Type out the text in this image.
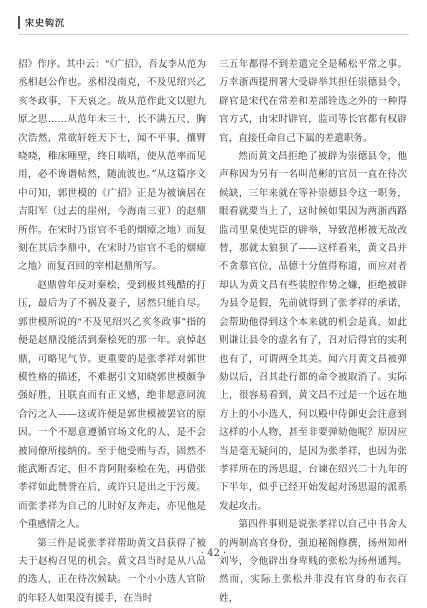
宋史钩沉

招》作序。其中云：“《广招》，吾友李从范为丞相赵公作也。丞相没南克，不及见绍兴乙亥冬政事，下天哀之。故从范作此文以慰九原之思……从范年未三十，长不满五尺，胸次浩然，常欲轩轾天下士，闻不平事，攘臂哓哓，稚床唾壁，终日啮唔，使从范率而见用，必不谗谮帖然，随流波也。”从这篇序文中可知，郭世模的《广招》正是为被谪居在吉阳军（过去的崖州，今海南三亚）的赵鼎所作。在宋时乃宦官不毛的烟瘴之地）而复刻在其后李鼎中，在宋时乃宦官不毛的烟瘴之地）而复召回的宰相赵鼎所写。

赵鼎曾年反对秦桧，受到极其残酷的打压，最后为了不祸及妻子，居然只能自尽。郭世模所说的“不及见绍兴乙亥冬政事”指的便是赵鼎没能活到秦桧死的那一年。哀悼赵鼎，可略见气节。更重要的是张孝祥对郭世模性格的描述，不难据引文知晓郭世模颇争强好胜，且联直而有正义感，绝非愿意同流合污之人——这或许便是郭世模被罢官的原因。一个不愿意遵循官场文化的人，是不会被同僚所接纳的。至于他受贿与否，固然不能武断否定，但不肯阿附秦桧在先，再借张孝祥如此赞誉在后，或许只是出之于污蔑。而张孝祥为自己的儿时好友奔走，亦见他是个重感情之人。

第三件是说张孝祥帮助黄文昌获得了被夫于赵构召见的机会。黄文昌当时是从八品的选人，正在待次候缺。一个小小选人官阶的年轻人如果没有援手，在当时

三五年都得不到差遣完全是稀松平常之事。万幸浙西提刑署大受辟举其担任崇德县令，辟官是宋代在常差和差部铨选之外的一种得官方式，由宋时辟官，监司等长官都有权辟官，直接任命自己下属的差遣职务。

然而黄文昌拒绝了被辟为崇德县令，他声称因为另有一名叫范彬的官员一直在待次候缺，三年来就在等补崇德县令这一职务，眼看就要当上了，这时候如果因为两浙西路监司里臬使宪臣的辟举，导致范彬被无故改替，那就太狼狈了——这样看来，黄文昌并不贪慕官位，品德十分值得称道，而应对者却认为黄文昌有些装腔作势之嫌，拒绝被辟为县令是假，先前就得到了张孝祥的承诺，会帮助他得到这个本来就的机会是真，如此则谦让县令的虚名有了，召对后得官的实利也有了，可谓两全其美。闻六月黄文昌被弹劾以后，召其赴行都的命令被取消了。实际上，很容易看到，黄文昌不过是一个远在地方上的小小选人，何以殿中侍御史会注意到这样的小人物，甚至非要弹劾他呢？原因应当是毫无疑问的，是因为张孝祥，也因为张孝祥所在的汤思退，台谏在绍兴二十九年的下半年，似乎已经开始发起对汤思退的派系发起攻击。

第四件事则是说张孝祥以自己中书舍人的两制高官身份，强迫秘阁修撰，扬州知州刘岑，令他辟出身卑贱的张松为扬州通判。然而，实际上张松并非没有官身的布衣百姓，

· 42 ·
